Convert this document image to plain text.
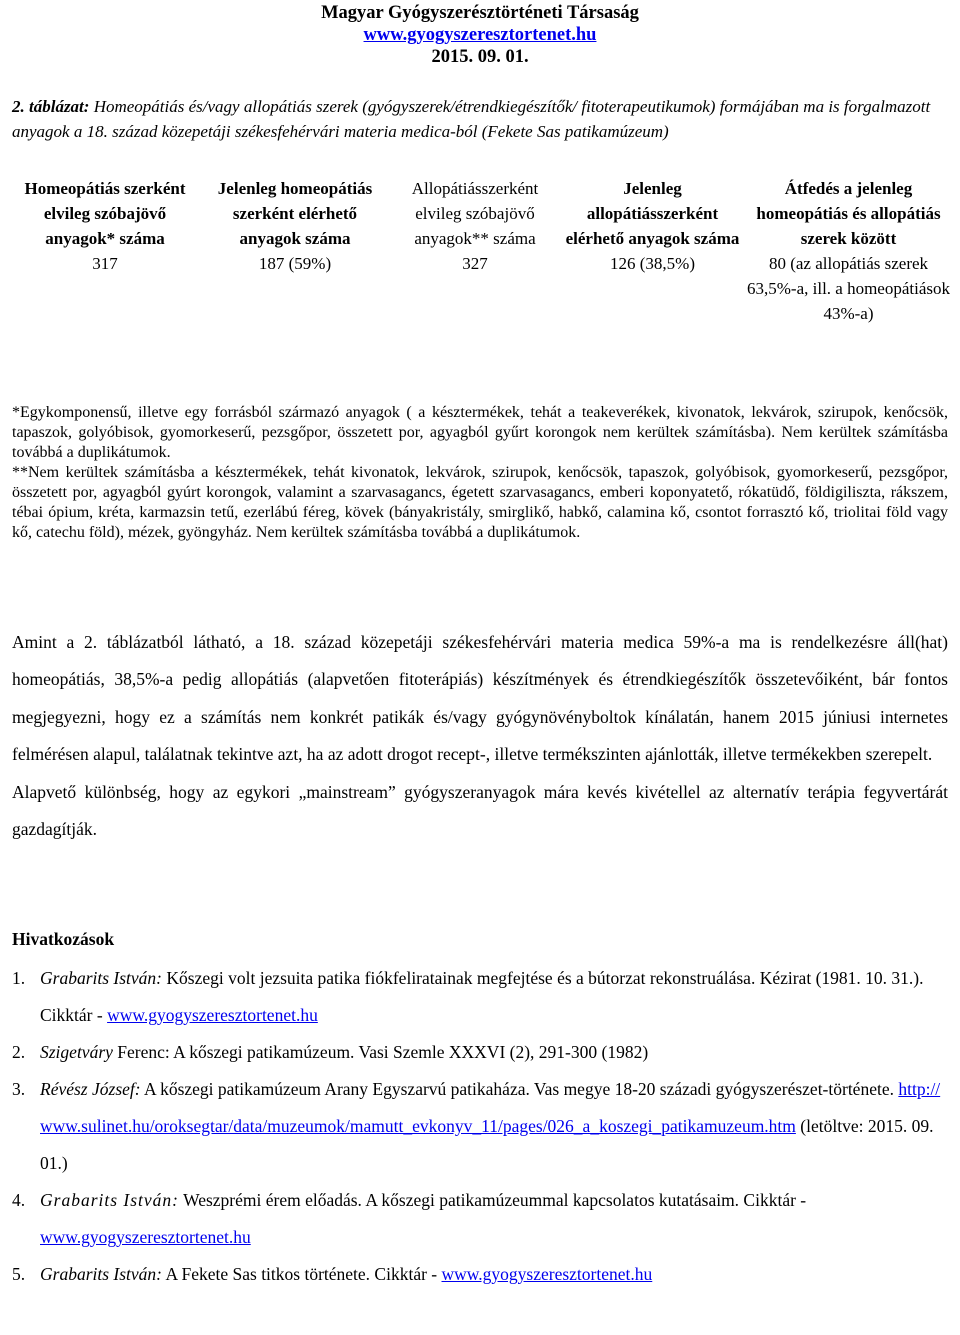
Magyar Gyógyszerésztörténeti Társaság
www.gyogyszeresztortenet.hu
2015. 09. 01.
2. táblázat: Homeopátiás és/vagy allopátiás szerek (gyógyszerek/étrendkiegészítők/ fitoterapeutikumok) formájában ma is forgalmazott anyagok a 18. század közepetáji székesfehérvári materia medica-ból (Fekete Sas patikamúzeum)
Homeopátiás szerként elvileg szóbajövő anyagok* száma	Jelenleg homeopátiás szerként elérhető anyagok száma	Allopátiásszerként elvileg szóbajövő anyagok** száma	Jelenleg allopátiásszerként elérhető anyagok száma	Átfedés a jelenleg homeopátiás és allopátiás szerek között
317	187 (59%)	327	126 (38,5%)	80 (az allopátiás szerek 63,5%-a, ill. a homeopátiások 43%-a)

*Egykomponensű, illetve egy forrásból származó anyagok ( a késztermékek, tehát a teakeverékek, kivonatok, lekvárok, szirupok, kenőcsök, tapaszok, golyóbisok, gyomorkeserű, pezsgőpor, összetett por, agyagból gyűrt korongok nem kerültek számításba). Nem kerültek számításba továbbá a duplikátumok.

**Nem kerültek számításba a késztermékek, tehát kivonatok, lekvárok, szirupok, kenőcsök, tapaszok, golyóbisok, gyomorkeserű, pezsgőpor, összetett por, agyagból gyúrt korongok, valamint a szarvasagancs, égetett szarvasagancs, emberi koponyatető, rókatüdő, földigiliszta, rákszem, tébai ópium, kréta, karmazsin tetű, ezerlábú féreg, kövek (bányakristály, smirglikő, habkő, calamina kő, csontot forrasztó kő, triolitai föld vagy kő, catechu föld), mézek, gyöngyház. Nem kerültek számításba továbbá a duplikátumok.

Amint a 2. táblázatból látható, a 18. század közepetáji székesfehérvári materia medica 59%-a ma is rendelkezésre áll(hat) homeopátiás, 38,5%-a pedig allopátiás (alapvetően fitoterápiás) készítmények és étrendkiegészítők összetevőiként, bár fontos megjegyezni, hogy ez a számítás nem konkrét patikák és/vagy gyógynövényboltok kínálatán, hanem 2015 júniusi internetes felmérésen alapul, találatnak tekintve azt, ha az adott drogot recept-, illetve termékszinten ajánlották, illetve termékekben szerepelt.

Alapvető különbség, hogy az egykori „mainstream” gyógyszeranyagok mára kevés kivétellel az alternatív terápia fegyvertárát gazdagítják.

Hivatkozások
1. Grabarits István: Kőszegi volt jezsuita patika fiókfeliratainak megfejtése és a bútorzat rekonstruálása. Kézirat (1981. 10. 31.). Cikktár - www.gyogyszeresztortenet.hu
2. Szigetváry Ferenc: A kőszegi patikamúzeum. Vasi Szemle XXXVI (2), 291-300 (1982)
3. Révész József: A kőszegi patikamúzeum Arany Egyszarvú patikaháza. Vas megye 18-20 századi gyógyszerészet-története. http://www.sulinet.hu/oroksegtar/data/muzeumok/mamutt_evkonyv_11/pages/026_a_koszegi_patikamuzeum.htm (letöltve: 2015. 09. 01.)
4. Grabarits István: Weszprémi érem előadás. A kőszegi patikamúzeummal kapcsolatos kutatásaim. Cikktár - www.gyogyszeresztortenet.hu
5. Grabarits István: A Fekete Sas titkos története. Cikktár - www.gyogyszeresztortenet.hu
